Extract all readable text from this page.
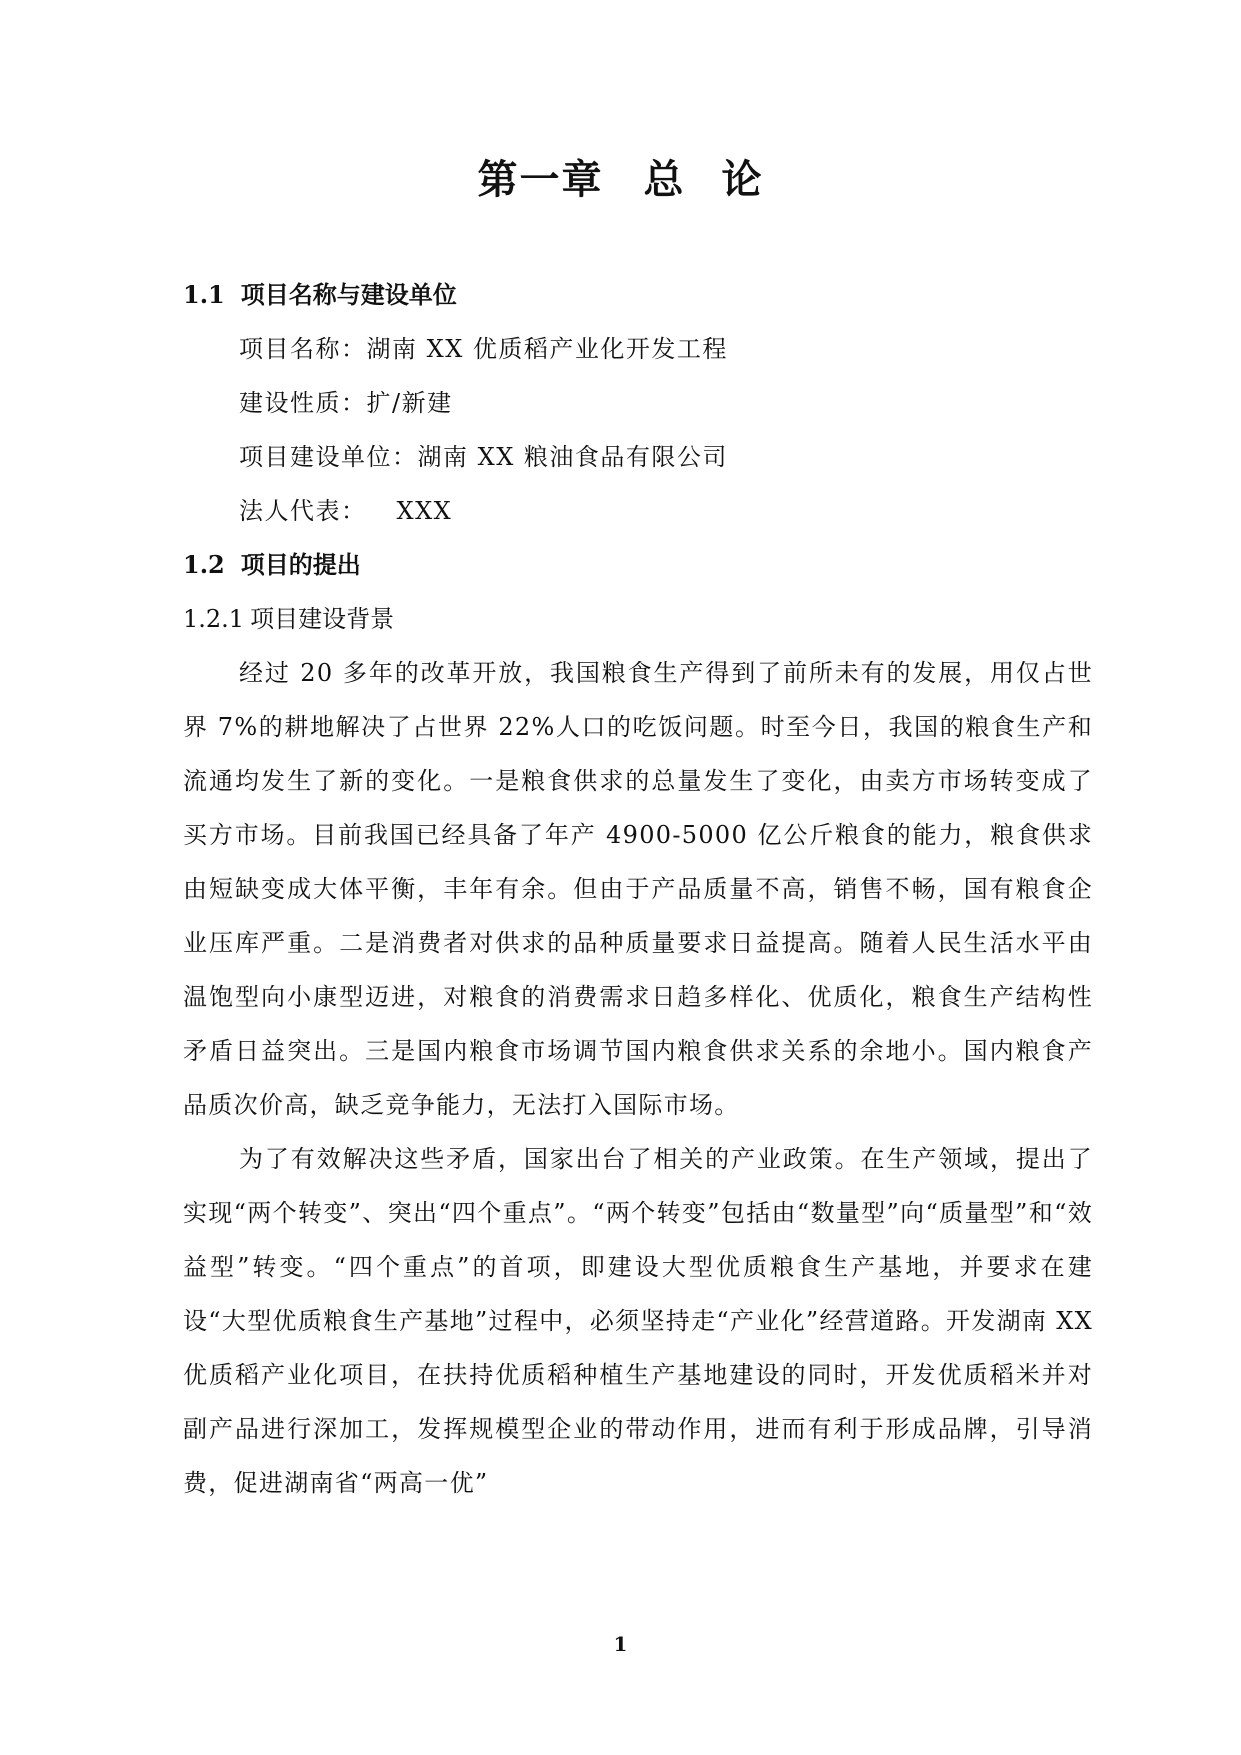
第一章 总 论
1.1 项目名称与建设单位
项目名称：湖南 XX 优质稻产业化开发工程
建设性质：扩/新建
项目建设单位：湖南 XX 粮油食品有限公司
法人代表： XXX
1.2 项目的提出
1.2.1 项目建设背景

经过 20 多年的改革开放，我国粮食生产得到了前所未有的发展，用仅占世界 7%的耕地解决了占世界 22%人口的吃饭问题。时至今日，我国的粮食生产和流通均发生了新的变化。一是粮食供求的总量发生了变化，由卖方市场转变成了买方市场。目前我国已经具备了年产 4900-5000 亿公斤粮食的能力，粮食供求由短缺变成大体平衡，丰年有余。但由于产品质量不高，销售不畅，国有粮食企业压库严重。二是消费者对供求的品种质量要求日益提高。随着人民生活水平由温饱型向小康型迈进，对粮食的消费需求日趋多样化、优质化，粮食生产结构性矛盾日益突出。三是国内粮食市场调节国内粮食供求关系的余地小。国内粮食产品质次价高，缺乏竞争能力，无法打入国际市场。

为了有效解决这些矛盾，国家出台了相关的产业政策。在生产领域，提出了实现“两个转变”、突出“四个重点”。“两个转变”包括由“数量型”向“质量型”和“效益型”转变。“四个重点”的首项，即建设大型优质粮食生产基地，并要求在建设“大型优质粮食生产基地”过程中，必须坚持走“产业化”经营道路。开发湖南 XX 优质稻产业化项目，在扶持优质稻种植生产基地建设的同时，开发优质稻米并对副产品进行深加工，发挥规模型企业的带动作用，进而有利于形成品牌，引导消费，促进湖南省“两高一优”

1
